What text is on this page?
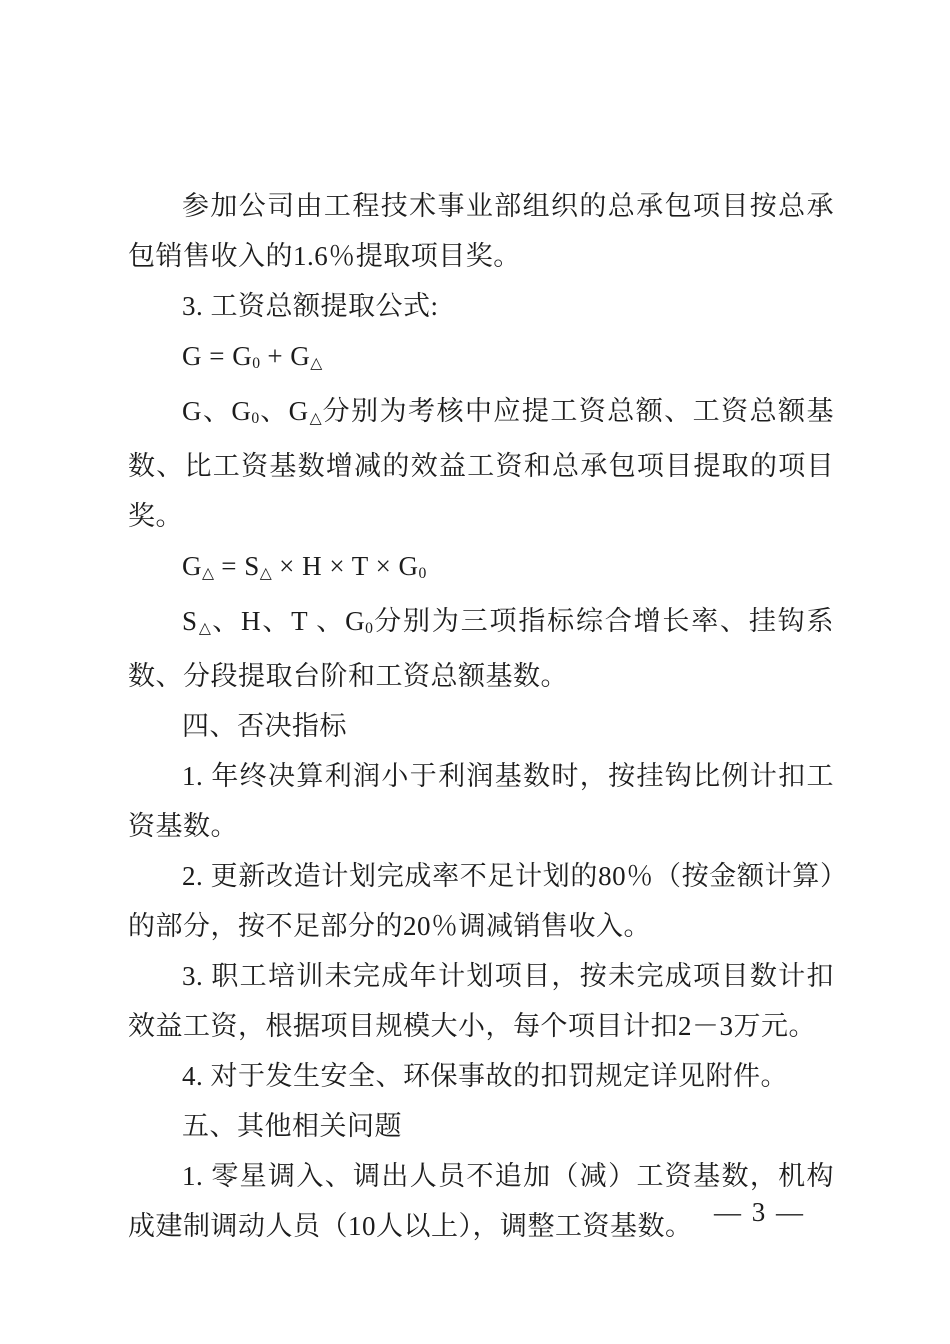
参加公司由工程技术事业部组织的总承包项目按总承包销售收入的1.6％提取项目奖。

3. 工资总额提取公式:

G = G0 + G△

G、G0、G△分别为考核中应提工资总额、工资总额基数、比工资基数增减的效益工资和总承包项目提取的项目奖。

G△ = S△ × H × T × G0

S△、H、T 、G0分别为三项指标综合增长率、挂钩系数、分段提取台阶和工资总额基数。

四、否决指标

1. 年终决算利润小于利润基数时，按挂钩比例计扣工资基数。

2. 更新改造计划完成率不足计划的80％（按金额计算）的部分，按不足部分的20％调减销售收入。

3. 职工培训未完成年计划项目，按未完成项目数计扣效益工资，根据项目规模大小，每个项目计扣2－3万元。

4. 对于发生安全、环保事故的扣罚规定详见附件。

五、其他相关问题

1. 零星调入、调出人员不追加（减）工资基数，机构成建制调动人员（10人以上），调整工资基数。 — 3 —
